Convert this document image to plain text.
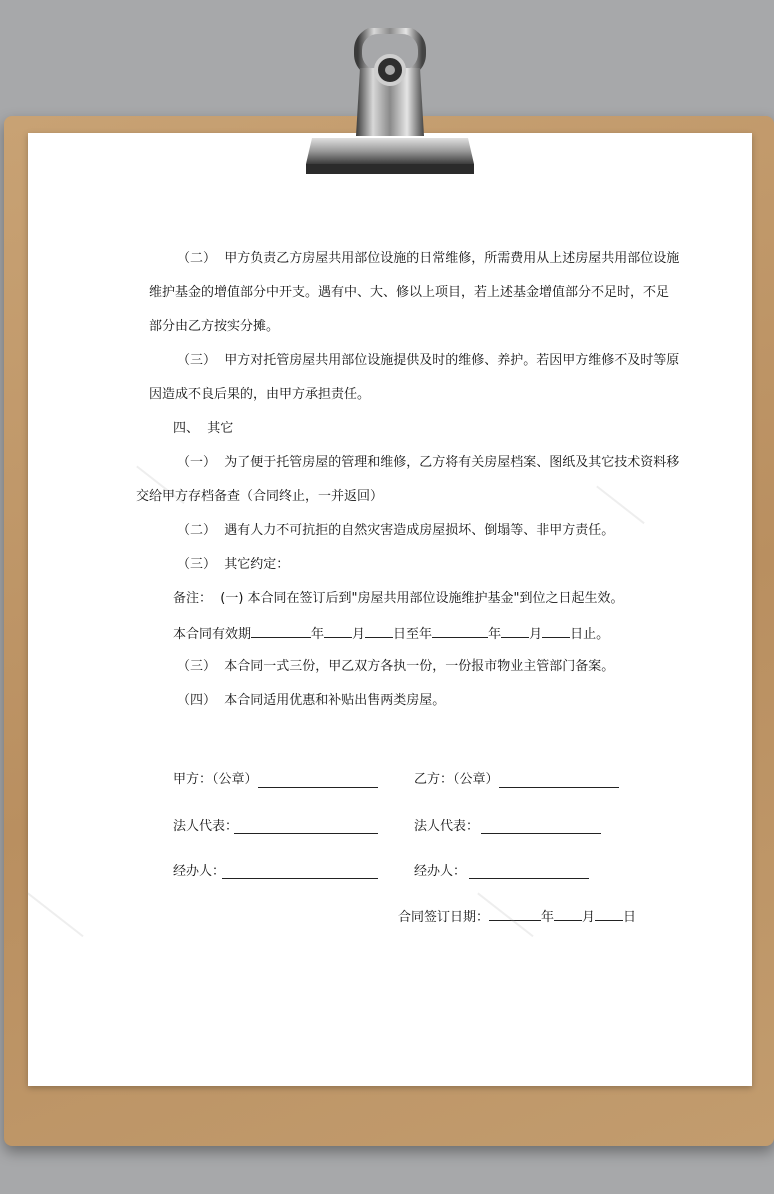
（二）  甲方负责乙方房屋共用部位设施的日常维修，所需费用从上述房屋共用部位设施
维护基金的增值部分中开支。遇有中、大、修以上项目，若上述基金增值部分不足时，不足
部分由乙方按实分摊。
（三）  甲方对托管房屋共用部位设施提供及时的维修、养护。若因甲方维修不及时等原
因造成不良后果的，由甲方承担责任。
四、  其它
（一）  为了便于托管房屋的管理和维修，乙方将有关房屋档案、图纸及其它技术资料移
交给甲方存档备查（合同终止，一并返回）
（二）  遇有人力不可抗拒的自然灾害造成房屋损坏、倒塌等、非甲方责任。
（三）  其它约定：
备注：  (一) 本合同在签订后到"房屋共用部位设施维护基金"到位之日起生效。
本合同有效期	年 月 日至年	年 月 日止。
（三）  本合同一式三份，甲乙双方各执一份，一份报市物业主管部门备案。
（四）  本合同适用优惠和补贴出售两类房屋。
甲方：（公章）	乙方：（公章）
法人代表：	法人代表：
经办人：	经办人：
合同签订日期：	年 月 日
